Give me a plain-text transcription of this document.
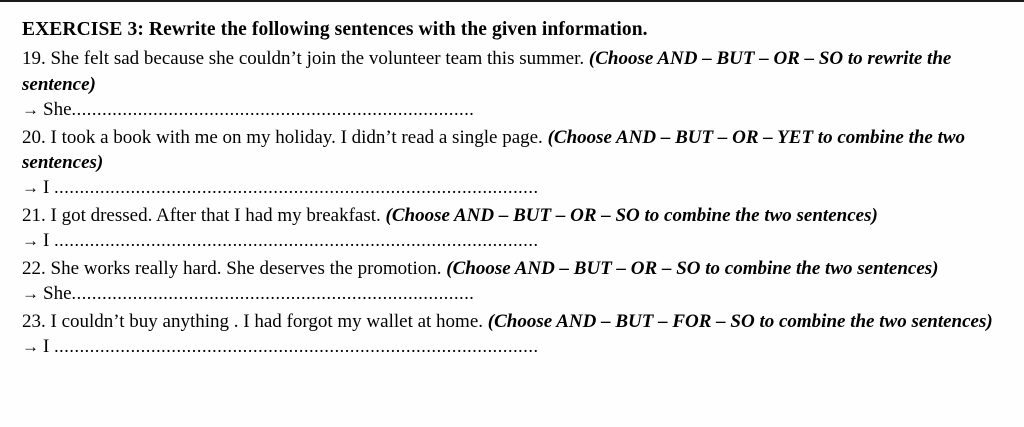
EXERCISE 3: Rewrite the following sentences with the given information.
19. She felt sad because she couldn’t join the volunteer team this summer. (Choose AND – BUT – OR – SO to rewrite the sentence)
→ She...............................................................................
20. I took a book with me on my holiday. I didn’t read a single page. (Choose AND – BUT – OR – YET to combine the two sentences)
→ I ...............................................................................................
21. I got dressed. After that I had my breakfast. (Choose AND – BUT – OR – SO to combine the two sentences)
→ I ...............................................................................................
22. She works really hard. She deserves the promotion. (Choose AND – BUT – OR – SO to combine the two sentences)
→ She...............................................................................
23. I couldn’t buy anything . I had forgot my wallet at home. (Choose AND – BUT – FOR – SO to combine the two sentences)
→ I ...............................................................................................
